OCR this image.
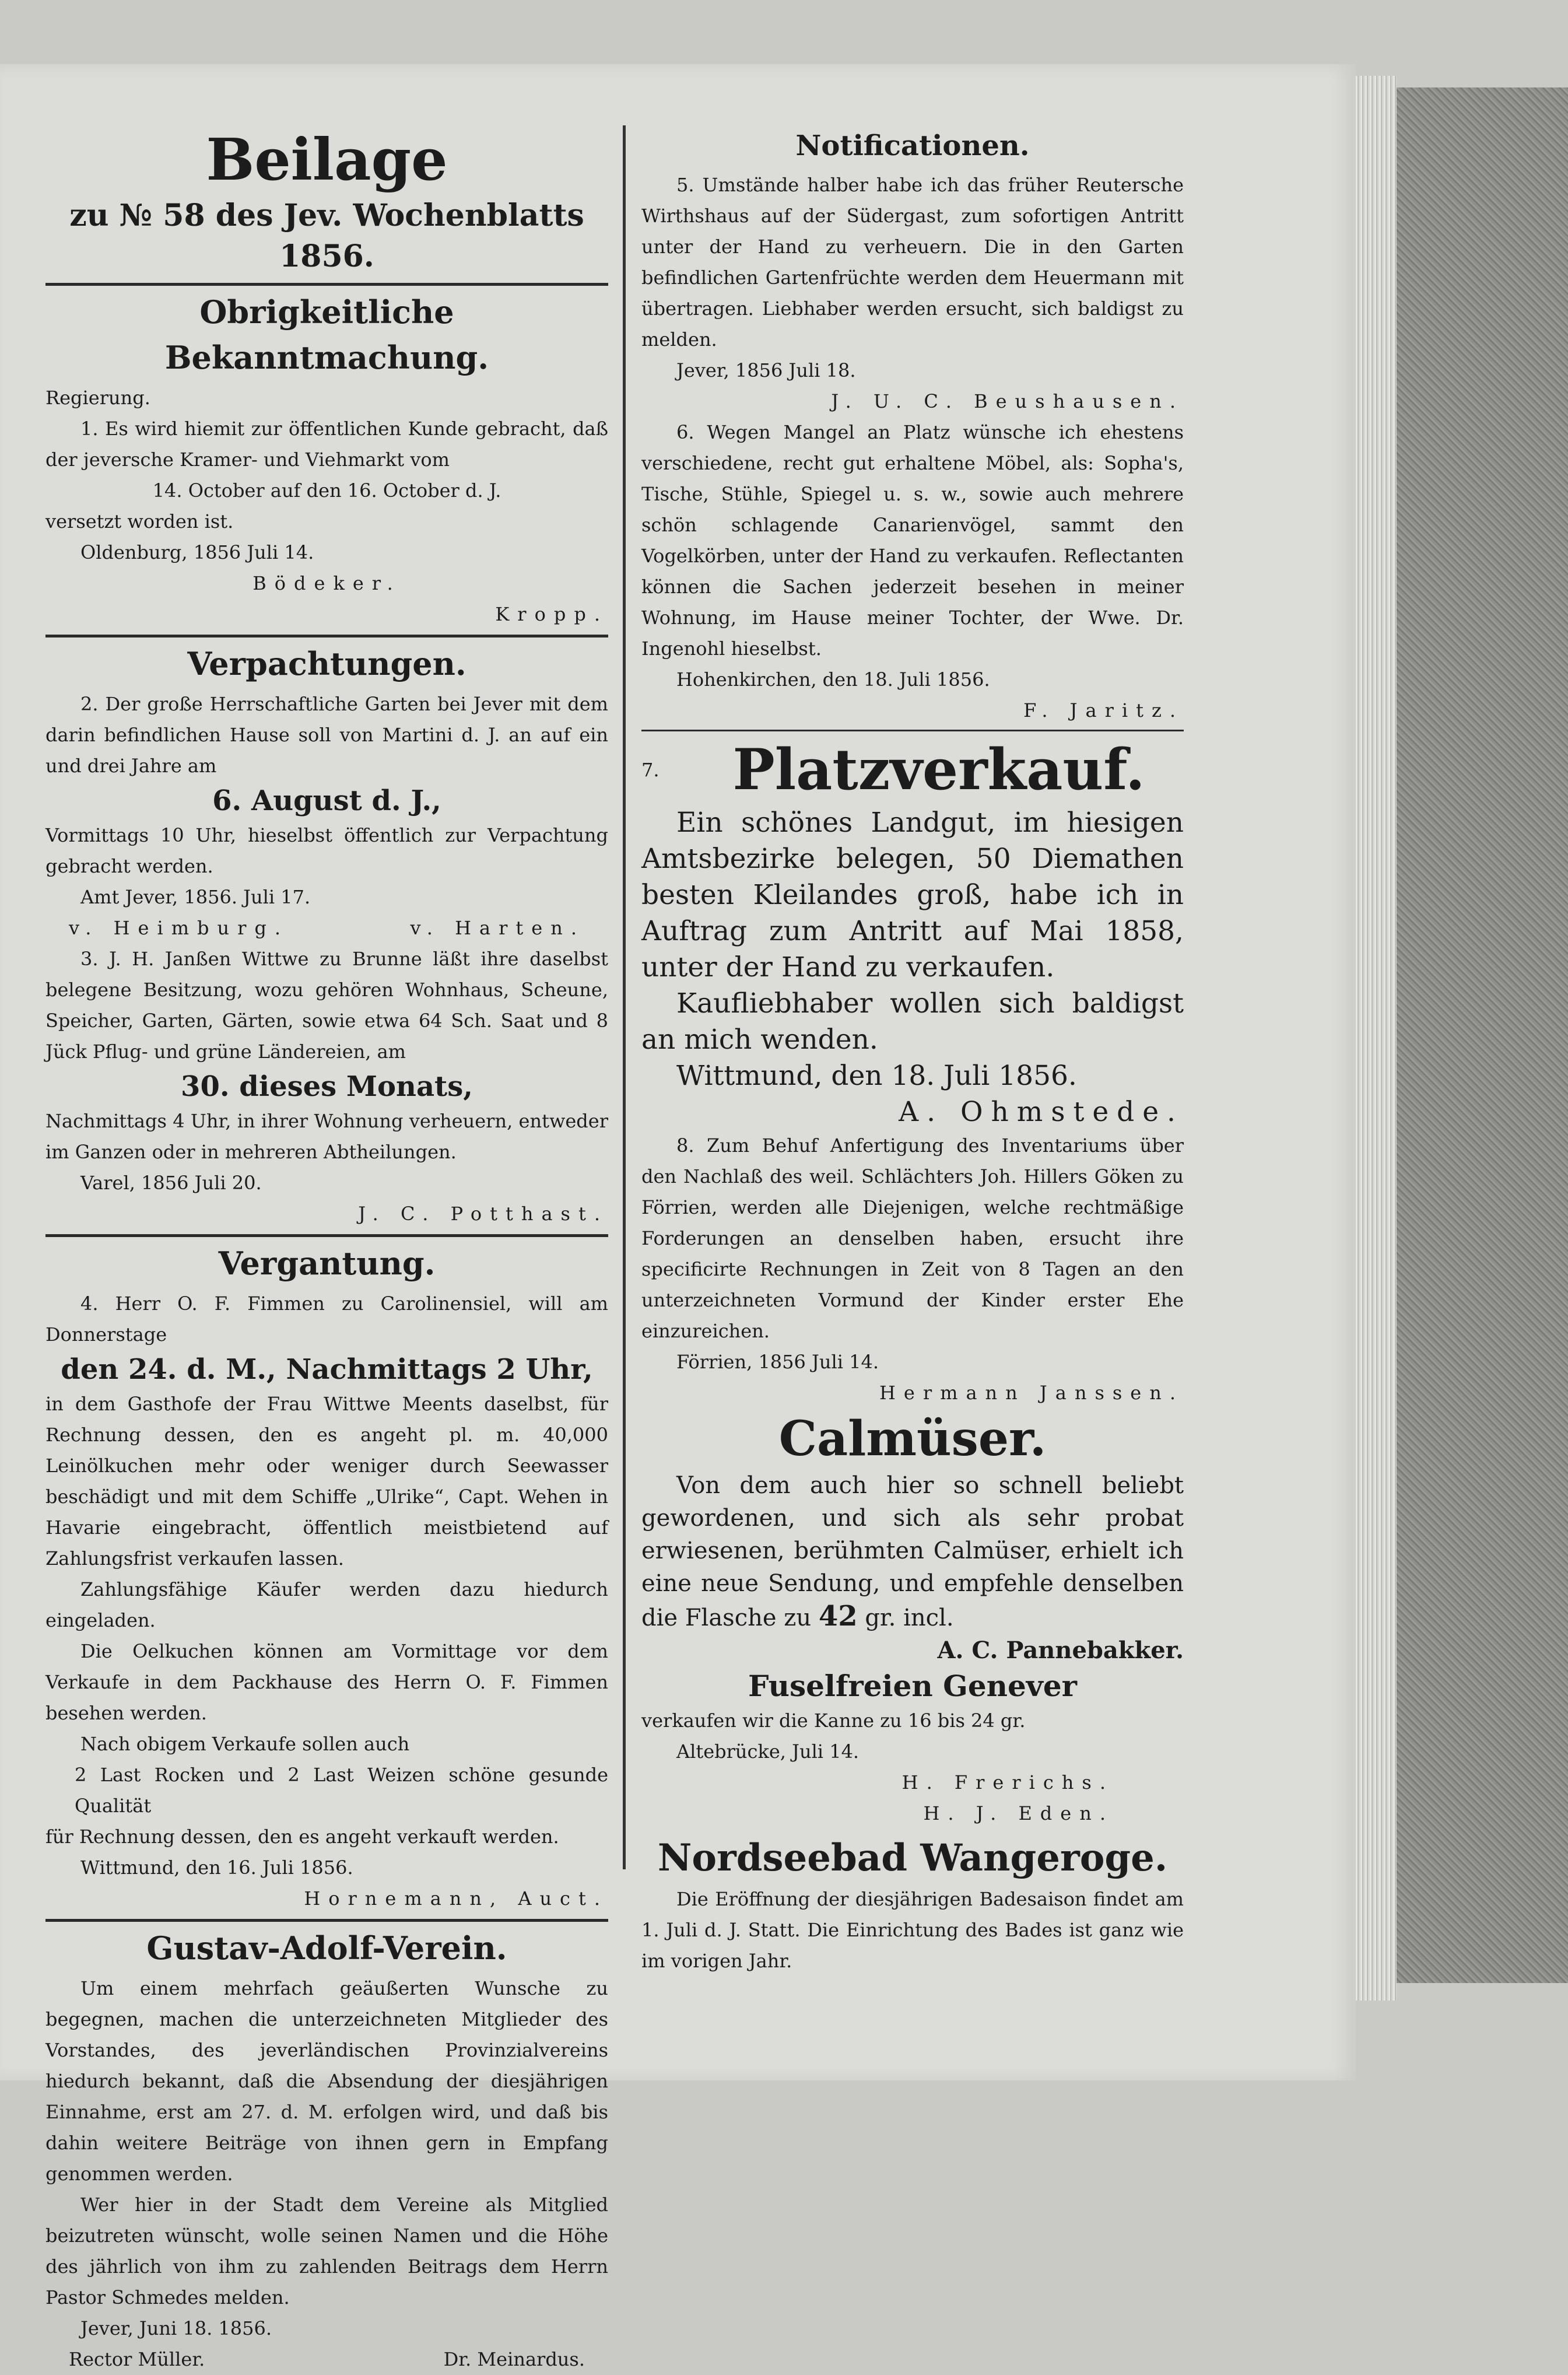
Beilage
zu № 58 des Jev. Wochenblatts 1856.
Obrigkeitliche Bekanntmachung.

Regierung.

1. Es wird hiemit zur öffentlichen Kunde gebracht, daß der jeversche Kramer- und Viehmarkt vom

14. October auf den 16. October d. J.

versetzt worden ist.

Oldenburg, 1856 Juli 14.

Bödeker.

Kropp.

Verpachtungen.

2. Der große Herrschaftliche Garten bei Jever mit dem darin befindlichen Hause soll von Martini d. J. an auf ein und drei Jahre am

6. August d. J.,

Vormittags 10 Uhr, hieselbst öffentlich zur Verpachtung gebracht werden.

Amt Jever, 1856. Juli 17.

v. Heimburg.	v. Harten.

3. J. H. Janßen Wittwe zu Brunne läßt ihre daselbst belegene Besitzung, wozu gehören Wohnhaus, Scheune, Speicher, Garten, Gärten, sowie etwa 64 Sch. Saat und 8 Jück Pflug- und grüne Ländereien, am

30. dieses Monats,

Nachmittags 4 Uhr, in ihrer Wohnung verheuern, entweder im Ganzen oder in mehreren Abtheilungen.

Varel, 1856 Juli 20.

J. C. Potthast.

Vergantung.

4. Herr O. F. Fimmen zu Carolinensiel, will am Donnerstage

den 24. d. M., Nachmittags 2 Uhr,

in dem Gasthofe der Frau Wittwe Meents daselbst, für Rechnung dessen, den es angeht pl. m. 40,000 Leinölkuchen mehr oder weniger durch Seewasser beschädigt und mit dem Schiffe „Ulrike“, Capt. Wehen in Havarie eingebracht, öffentlich meistbietend auf Zahlungsfrist verkaufen lassen.

Zahlungsfähige Käufer werden dazu hiedurch eingeladen.

Die Oelkuchen können am Vormittage vor dem Verkaufe in dem Packhause des Herrn O. F. Fimmen besehen werden.

Nach obigem Verkaufe sollen auch

2 Last Rocken und 2 Last Weizen schöne gesunde Qualität

für Rechnung dessen, den es angeht verkauft werden.

Wittmund, den 16. Juli 1856.

Hornemann, Auct.

Gustav-Adolf-Verein.

Um einem mehrfach geäußerten Wunsche zu begegnen, machen die unterzeichneten Mitglieder des Vorstandes, des jeverländischen Provinzialvereins hiedurch bekannt, daß die Absendung der diesjährigen Einnahme, erst am 27. d. M. erfolgen wird, und daß bis dahin weitere Beiträge von ihnen gern in Empfang genommen werden.

Wer hier in der Stadt dem Vereine als Mitglied beizutreten wünscht, wolle seinen Namen und die Höhe des jährlich von ihm zu zahlenden Beitrags dem Herrn Pastor Schmedes melden.

Jever, Juni 18. 1856.

Rector Müller.	Dr. Meinardus.
Notificationen.

5. Umstände halber habe ich das früher Reutersche Wirthshaus auf der Südergast, zum sofortigen Antritt unter der Hand zu verheuern. Die in den Garten befindlichen Gartenfrüchte werden dem Heuermann mit übertragen. Liebhaber werden ersucht, sich baldigst zu melden.

Jever, 1856 Juli 18.

J. U. C. Beushausen.

6. Wegen Mangel an Platz wünsche ich ehestens verschiedene, recht gut erhaltene Möbel, als: Sopha's, Tische, Stühle, Spiegel u. s. w., sowie auch mehrere schön schlagende Canarienvögel, sammt den Vogelkörben, unter der Hand zu verkaufen. Reflectanten können die Sachen jederzeit besehen in meiner Wohnung, im Hause meiner Tochter, der Wwe. Dr. Ingenohl hieselbst.

Hohenkirchen, den 18. Juli 1856.

F. Jaritz.

7.	Platzverkauf.

Ein schönes Landgut, im hiesigen Amtsbezirke belegen, 50 Diemathen besten Kleilandes groß, habe ich in Auftrag zum Antritt auf Mai 1858, unter der Hand zu verkaufen.

Kaufliebhaber wollen sich baldigst an mich wenden.

Wittmund, den 18. Juli 1856.

A. Ohmstede.

8. Zum Behuf Anfertigung des Inventariums über den Nachlaß des weil. Schlächters Joh. Hillers Göken zu Förrien, werden alle Diejenigen, welche rechtmäßige Forderungen an denselben haben, ersucht ihre specificirte Rechnungen in Zeit von 8 Tagen an den unterzeichneten Vormund der Kinder erster Ehe einzureichen.

Förrien, 1856 Juli 14.

Hermann Janssen.

Calmüser.

Von dem auch hier so schnell beliebt gewordenen, und sich als sehr probat erwiesenen, berühmten Calmüser, erhielt ich eine neue Sendung, und empfehle denselben die Flasche zu 42 gr. incl.

A. C. Pannebakker.

Fuselfreien Genever

verkaufen wir die Kanne zu 16 bis 24 gr.

Altebrücke, Juli 14.

H. Frerichs.

H. J. Eden.

Nordseebad Wangeroge.

Die Eröffnung der diesjährigen Badesaison findet am 1. Juli d. J. Statt. Die Einrichtung des Bades ist ganz wie im vorigen Jahr.
